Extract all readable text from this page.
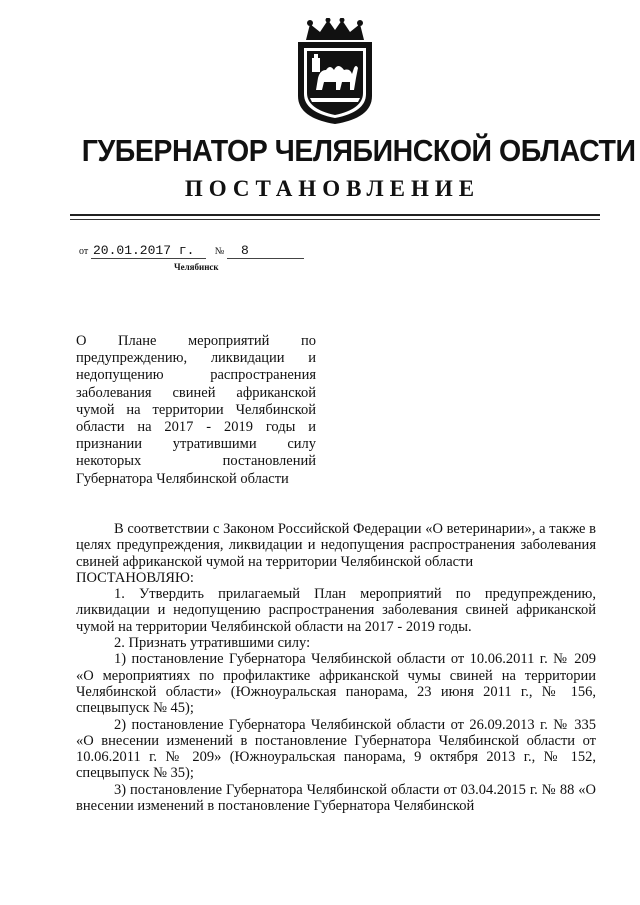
ГУБЕРНАТОР ЧЕЛЯБИНСКОЙ ОБЛАСТИ
ПОСТАНОВЛЕНИЕ
от 20.01.2017 г. № 8
Челябинск
О Плане мероприятий по предупреждению, ликвидации и недопущению распространения заболевания свиней африканской чумой на территории Челябинской области на 2017 - 2019 годы и признании утратившими силу некоторых постановлений Губернатора Челябинской области

В соответствии с Законом Российской Федерации «О ветеринарии», а также в целях предупреждения, ликвидации и недопущения распространения заболевания свиней африканской чумой на территории Челябинской области

ПОСТАНОВЛЯЮ:

1. Утвердить прилагаемый План мероприятий по предупреждению, ликвидации и недопущению распространения заболевания свиней африканской чумой на территории Челябинской области на 2017 - 2019 годы.

2. Признать утратившими силу:

1) постановление Губернатора Челябинской области от 10.06.2011 г. № 209 «О мероприятиях по профилактике африканской чумы свиней на территории Челябинской области» (Южноуральская панорама, 23 июня 2011 г., № 156, спецвыпуск № 45);

2) постановление Губернатора Челябинской области от 26.09.2013 г. № 335 «О внесении изменений в постановление Губернатора Челябинской области от 10.06.2011 г. № 209» (Южноуральская панорама, 9 октября 2013 г., № 152, спецвыпуск № 35);

3) постановление Губернатора Челябинской области от 03.04.2015 г. № 88 «О внесении изменений в постановление Губернатора Челябинской
